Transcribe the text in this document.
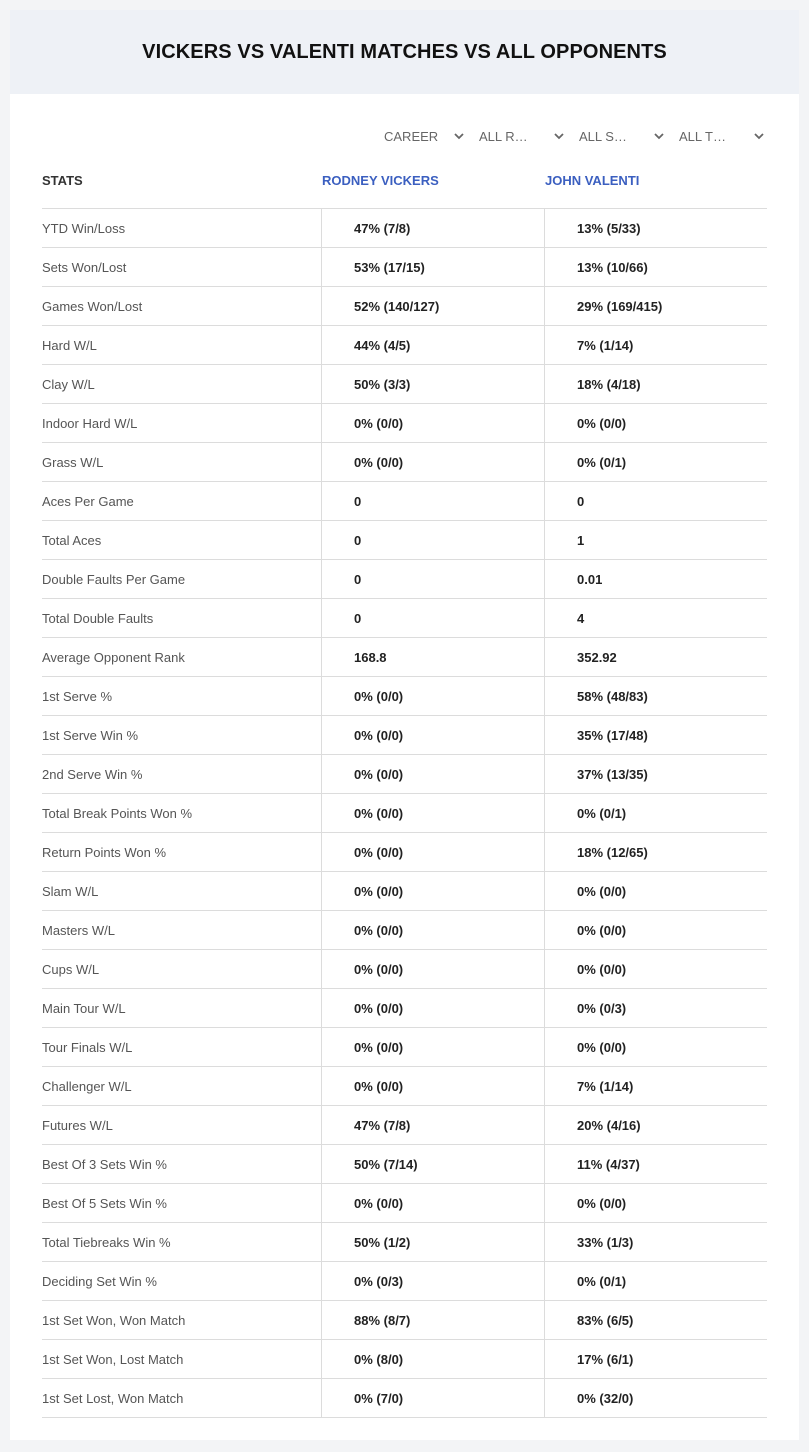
VICKERS VS VALENTI MATCHES VS ALL OPPONENTS
CAREER	ALL R…	ALL S…	ALL T…
STATS	RODNEY VICKERS	JOHN VALENTI
YTD Win/Loss	47% (7/8)	13% (5/33)
Sets Won/Lost	53% (17/15)	13% (10/66)
Games Won/Lost	52% (140/127)	29% (169/415)
Hard W/L	44% (4/5)	7% (1/14)
Clay W/L	50% (3/3)	18% (4/18)
Indoor Hard W/L	0% (0/0)	0% (0/0)
Grass W/L	0% (0/0)	0% (0/1)
Aces Per Game	0	0
Total Aces	0	1
Double Faults Per Game	0	0.01
Total Double Faults	0	4
Average Opponent Rank	168.8	352.92
1st Serve %	0% (0/0)	58% (48/83)
1st Serve Win %	0% (0/0)	35% (17/48)
2nd Serve Win %	0% (0/0)	37% (13/35)
Total Break Points Won %	0% (0/0)	0% (0/1)
Return Points Won %	0% (0/0)	18% (12/65)
Slam W/L	0% (0/0)	0% (0/0)
Masters W/L	0% (0/0)	0% (0/0)
Cups W/L	0% (0/0)	0% (0/0)
Main Tour W/L	0% (0/0)	0% (0/3)
Tour Finals W/L	0% (0/0)	0% (0/0)
Challenger W/L	0% (0/0)	7% (1/14)
Futures W/L	47% (7/8)	20% (4/16)
Best Of 3 Sets Win %	50% (7/14)	11% (4/37)
Best Of 5 Sets Win %	0% (0/0)	0% (0/0)
Total Tiebreaks Win %	50% (1/2)	33% (1/3)
Deciding Set Win %	0% (0/3)	0% (0/1)
1st Set Won, Won Match	88% (8/7)	83% (6/5)
1st Set Won, Lost Match	0% (8/0)	17% (6/1)
1st Set Lost, Won Match	0% (7/0)	0% (32/0)
